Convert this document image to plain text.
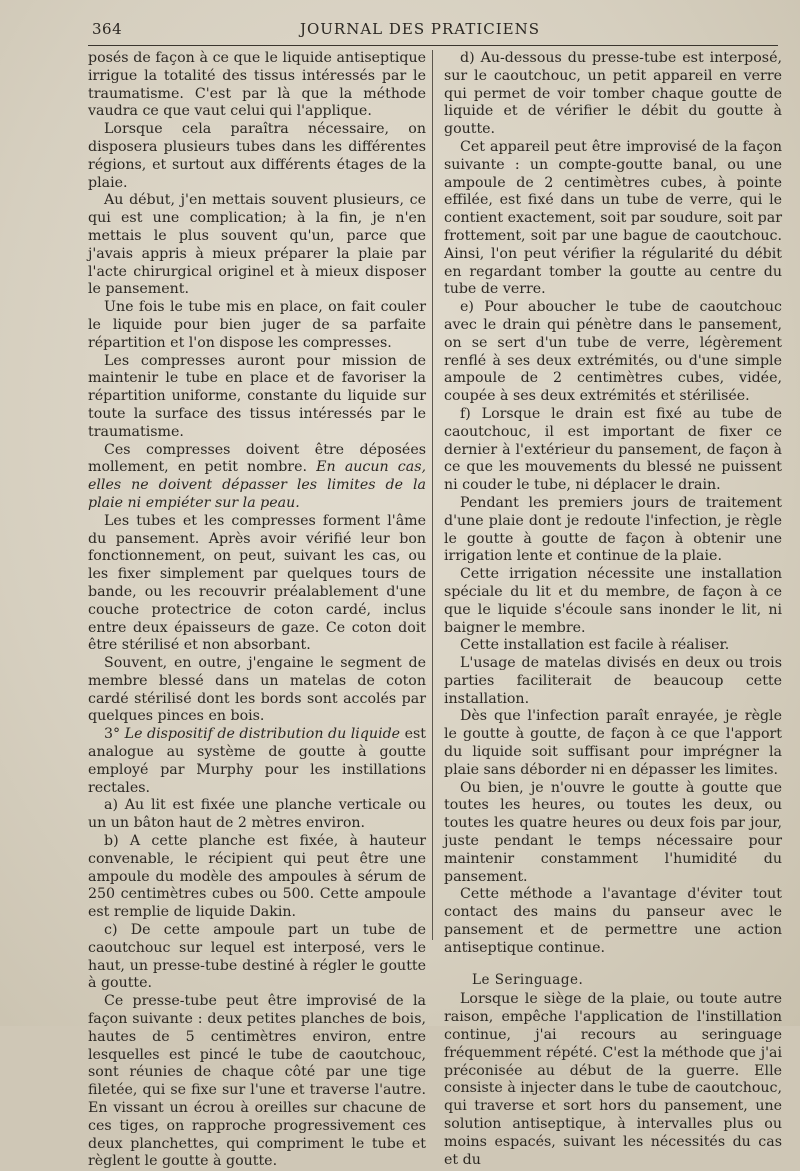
364	JOURNAL DES PRATICIENS

posés de façon à ce que le liquide antiseptique irrigue la totalité des tissus intéressés par le traumatisme. C'est par là que la méthode vaudra ce que vaut celui qui l'applique.

Lorsque cela paraîtra nécessaire, on disposera plusieurs tubes dans les différentes régions, et surtout aux différents étages de la plaie.

Au début, j'en mettais souvent plusieurs, ce qui est une complication; à la fin, je n'en mettais le plus souvent qu'un, parce que j'avais appris à mieux préparer la plaie par l'acte chirurgical originel et à mieux disposer le pansement.

Une fois le tube mis en place, on fait couler le liquide pour bien juger de sa parfaite répartition et l'on dispose les compresses.

Les compresses auront pour mission de maintenir le tube en place et de favoriser la répartition uniforme, constante du liquide sur toute la surface des tissus intéressés par le traumatisme.

Ces compresses doivent être déposées mollement, en petit nombre. En aucun cas, elles ne doivent dépasser les limites de la plaie ni empiéter sur la peau.

Les tubes et les compresses forment l'âme du pansement. Après avoir vérifié leur bon fonctionnement, on peut, suivant les cas, ou les fixer simplement par quelques tours de bande, ou les recouvrir préalablement d'une couche protectrice de coton cardé, inclus entre deux épaisseurs de gaze. Ce coton doit être stérilisé et non absorbant.

Souvent, en outre, j'engaine le segment de membre blessé dans un matelas de coton cardé stérilisé dont les bords sont accolés par quelques pinces en bois.

3° Le dispositif de distribution du liquide est analogue au système de goutte à goutte employé par Murphy pour les instillations rectales.

a) Au lit est fixée une planche verticale ou un un bâton haut de 2 mètres environ.

b) A cette planche est fixée, à hauteur convenable, le récipient qui peut être une ampoule du modèle des ampoules à sérum de 250 centimètres cubes ou 500. Cette ampoule est remplie de liquide Dakin.

c) De cette ampoule part un tube de caoutchouc sur lequel est interposé, vers le haut, un presse-tube destiné à régler le goutte à goutte.

Ce presse-tube peut être improvisé de la façon suivante : deux petites planches de bois, hautes de 5 centimètres environ, entre lesquelles est pincé le tube de caoutchouc, sont réunies de chaque côté par une tige filetée, qui se fixe sur l'une et traverse l'autre. En vissant un écrou à oreilles sur chacune de ces tiges, on rapproche progressivement ces deux planchettes, qui compriment le tube et règlent le goutte à goutte.

d) Au-dessous du presse-tube est interposé, sur le caoutchouc, un petit appareil en verre qui permet de voir tomber chaque goutte de liquide et de vérifier le débit du goutte à goutte.

Cet appareil peut être improvisé de la façon suivante : un compte-goutte banal, ou une ampoule de 2 centimètres cubes, à pointe effilée, est fixé dans un tube de verre, qui le contient exactement, soit par soudure, soit par frottement, soit par une bague de caoutchouc. Ainsi, l'on peut vérifier la régularité du débit en regardant tomber la goutte au centre du tube de verre.

e) Pour aboucher le tube de caoutchouc avec le drain qui pénètre dans le pansement, on se sert d'un tube de verre, légèrement renflé à ses deux extrémités, ou d'une simple ampoule de 2 centimètres cubes, vidée, coupée à ses deux extrémités et stérilisée.

f) Lorsque le drain est fixé au tube de caoutchouc, il est important de fixer ce dernier à l'extérieur du pansement, de façon à ce que les mouvements du blessé ne puissent ni couder le tube, ni déplacer le drain.

Pendant les premiers jours de traitement d'une plaie dont je redoute l'infection, je règle le goutte à goutte de façon à obtenir une irrigation lente et continue de la plaie.

Cette irrigation nécessite une installation spéciale du lit et du membre, de façon à ce que le liquide s'écoule sans inonder le lit, ni baigner le membre.

Cette installation est facile à réaliser.

L'usage de matelas divisés en deux ou trois parties faciliterait de beaucoup cette installation.

Dès que l'infection paraît enrayée, je règle le goutte à goutte, de façon à ce que l'apport du liquide soit suffisant pour imprégner la plaie sans déborder ni en dépasser les limites.

Ou bien, je n'ouvre le goutte à goutte que toutes les heures, ou toutes les deux, ou toutes les quatre heures ou deux fois par jour, juste pendant le temps nécessaire pour maintenir constamment l'humidité du pansement.

Cette méthode a l'avantage d'éviter tout contact des mains du panseur avec le pansement et de permettre une action antiseptique continue.

Le Seringuage.

Lorsque le siège de la plaie, ou toute autre raison, empêche l'application de l'instillation continue, j'ai recours au seringuage fréquemment répété. C'est la méthode que j'ai préconisée au début de la guerre. Elle consiste à injecter dans le tube de caoutchouc, qui traverse et sort hors du pansement, une solution antiseptique, à intervalles plus ou moins espacés, suivant les nécessités du cas et du
